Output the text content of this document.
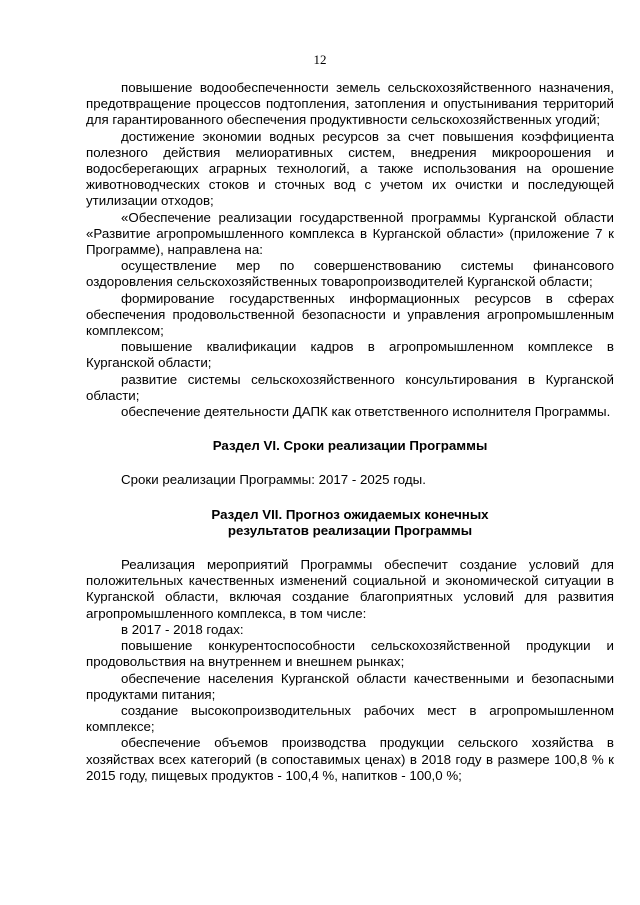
12

повышение водообеспеченности земель сельскохозяйственного назначения, предотвращение процессов подтопления, затопления и опустынивания территорий для гарантированного обеспечения продуктивности сельскохозяйственных угодий;

достижение экономии водных ресурсов за счет повышения коэффициента полезного действия мелиоративных систем, внедрения микроорошения и водосберегающих аграрных технологий, а также использования на орошение животноводческих стоков и сточных вод с учетом их очистки и последующей утилизации отходов;

«Обеспечение реализации государственной программы Курганской области «Развитие агропромышленного комплекса в Курганской области» (приложение 7 к Программе), направлена на:

осуществление мер по совершенствованию системы финансового оздоровления сельскохозяйственных товаропроизводителей Курганской области;

формирование государственных информационных ресурсов в сферах обеспечения продовольственной безопасности и управления агропромышленным комплексом;

повышение квалификации кадров в агропромышленном комплексе в Курганской области;

развитие системы сельскохозяйственного консультирования в Курганской области;

обеспечение деятельности ДАПК как ответственного исполнителя Программы.

Раздел VI. Сроки реализации Программы

Сроки реализации Программы: 2017 - 2025 годы.

Раздел VII. Прогноз ожидаемых конечных
результатов реализации Программы

Реализация мероприятий Программы обеспечит создание условий для положительных качественных изменений социальной и экономической ситуации в Курганской области, включая создание благоприятных условий для развития агропромышленного комплекса, в том числе:

в 2017 - 2018 годах:

повышение конкурентоспособности сельскохозяйственной продукции и продовольствия на внутреннем и внешнем рынках;

обеспечение населения Курганской области качественными и безопасными продуктами питания;

создание высокопроизводительных рабочих мест в агропромышленном комплексе;

обеспечение объемов производства продукции сельского хозяйства в хозяйствах всех категорий (в сопоставимых ценах) в 2018 году в размере 100,8 % к 2015 году, пищевых продуктов - 100,4 %, напитков - 100,0 %;
